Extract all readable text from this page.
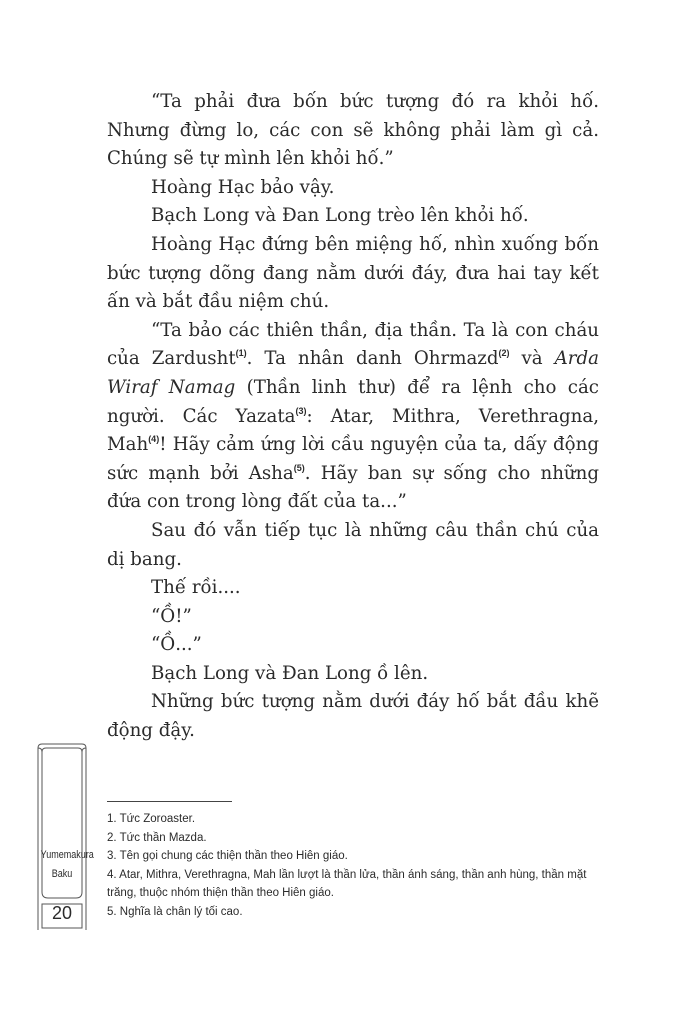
“Ta phải đưa bốn bức tượng đó ra khỏi hố. Nhưng đừng lo, các con sẽ không phải làm gì cả. Chúng sẽ tự mình lên khỏi hố.”

Hoàng Hạc bảo vậy.

Bạch Long và Đan Long trèo lên khỏi hố.

Hoàng Hạc đứng bên miệng hố, nhìn xuống bốn bức tượng dõng đang nằm dưới đáy, đưa hai tay kết ấn và bắt đầu niệm chú.

“Ta bảo các thiên thần, địa thần. Ta là con cháu của Zardusht$^{(1)}$. Ta nhân danh Ohrmazd$^{(2)}$ và Arda Wiraf Namag (Thần linh thư) để ra lệnh cho các người. Các Yazata$^{(3)}$: Atar, Mithra, Verethragna, Mah$^{(4)}$! Hãy cảm ứng lời cầu nguyện của ta, dấy động sức mạnh bởi Asha$^{(5)}$. Hãy ban sự sống cho những đứa con trong lòng đất của ta...”

Sau đó vẫn tiếp tục là những câu thần chú của dị bang.

Thế rồi....

“Ồ!”

“Ồ...”

Bạch Long và Đan Long ồ lên.

Những bức tượng nằm dưới đáy hố bắt đầu khẽ động đậy.

1. Tức Zoroaster.
2. Tức thần Mazda.
3. Tên gọi chung các thiện thần theo Hiên giáo.
4. Atar, Mithra, Verethragna, Mah lần lượt là thần lửa, thần ánh sáng, thần anh hùng, thần mặt trăng, thuộc nhóm thiện thần theo Hiên giáo.
5. Nghĩa là chân lý tối cao.
Yumemakura
Baku
20
